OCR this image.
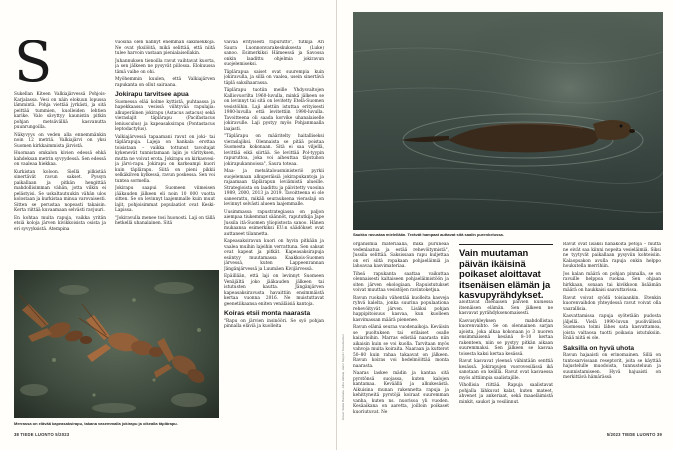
S

Sukellan Kiteen Valkiajärvessä Pohjois-Karjalassa. Vesi on näin elokuun lopussa lämmintä. Pohja viettää jyrkästi, ja sitä peittää tummien, kuolleiden lehtien karike. Valo sävyttyy kaunistin pitkin pohjan metsävälliä kasvanutta puunrungoilla.

Näkyvyys on veden alla ennemmänkin noin 12 metriä. Valkiajärvi on yksi Suomen kirkkaimmista järvistä.

Huomaan omkalon kivien edessä ehkä kahdeksan metrin syvyydessä. Sen edessä on vaaleaa hiekkaa.

Kurkistan koloon. Siellä pilkistää sinertävät ravun sakset. Pyssyn paikallaan ja pitkän hengittää mahdollisimman vähän, jotta vilkin ei pelästyisi. Se uskaltautuukin vähän ulos kolostaan ja kurkistaa minua varovaisesti. Sitten se perustaa nopeasti takaisin. Kerta riittää kuvaamaan selvästi ravjuuri.

En kohtaa muita rapuja, vaikka yritän etsiä koloja järven kivikkoisista osista ja eri syvyyksistä. Atempina

vuosina olen nähnyt enemmän sakiniekkoja. Ne ovat yksilöitä, mikä selittää, että niitä tulee harvoin vastaan pienialaisellakin.

Juhannuksen tienoilla ravut vaihtavat kuorta, ja sen jälkeen ne pysyvät piilossa. Elokuussa tämä vaihe on ohi.

Myöhemmin kuulen, että Valkiajärven rapukanta on ollut sairaana.

Jokirapu tarvitsee apua

Suomessa elää kolme kyttistä, puhtaassa ja hapekkaassa vesissä viihtyvää rapulajia: alkuperäinen jokirapu (Astacus astacus) sekä vieraslajit täplärapu (Pacifastacus leniusculus) ja kapeasaksirapu (Pontastacus leptodactylus).

Valkiajärvessä tapaamani ravut on joki- tai täplärapuja. Lajeja on hankala erottaa toisistaan – vaikka tottunut tavoitajat kykenevät tunnistamaan lajin jo värityksen, mutta ne voivat erota. Jokirapu on kirkasvesi- ja järvi-rapu. Jokirapu on karkeampi kuori kuin täplärapu. Siitä on pieni pikkii selkäkilven kylkessä, ravun poskessa. Sen voi tuntea sormella.

Jokirapu saapui Suomeen viimeisen jääkauden jälkeen eli noin 10 000 vuotta sitten. Se on levinnyt laajemmalle kuin muut lajit, pohjoisimmat populaatiot ovat Keski-Lapissa.

"Jokiravulla menee tosi huonosti. Laji on tällä hetkellä uhanalainen. Sitä

vaivaa erityisesti rapurutto", tutkija Ari Saura Luonnonvarakeskuksesta (Luke) sanoo. Esimerkiksi Hämeessä ja Savossa onkin laadittu ohjelmia jokiravun suojelemiseksi.

Täplärapua saiset ovat suurempia kuin jokiravulla, ja sillä on vaalea, usein sinertävä täplä saksihaarassa.

Täplärapu tuotiin meille Yhdysvaltojen Kalliovuorilta 1960-luvulla, minkä jälkeen se on levinnyt tai sitä on levitetty Etelä-Suomen vesistöihin. Laji alettiin istuttaa erityisesti 1980-luvulla että levitettiin 1990-luvulla. Tavoitteena oli saada korvike uhanalaiselle jokiravulle. Laji pystyy myös Pohjanmaalla laajasti.

"Täplärapu on määritelty haitalliseksi vieraslajiksi. Olennaista se pitää poistaa Suomesta kokonaan. Sitä ei saa viljellä, levittää eikä siirtää. Se levittää Pol-tyypin rapuruttoa, joka voi aiheuttaa täystuhon jokirapukannoissa", Saura toteaa.

Maa- ja metsätalousministeriö pyrkii suojelemaan alkuperäisiä jokirapukantoja ja rajaamaan täplärapun leviämistä alueille. Strategioista on laadittu ja päivitetty vuosina 1989, 2000, 2013 ja 2019. Tavoitteena ei ole saneerattu, mikäli seurauksena vieraslaji on levinnyt selvästi alueen laajemmalle.

Uusimmassa rapustrategiassa on paljon aiempaa tiukemmat säännöt, rapututkija Jape Jussila itä-Suomen yliopistosta sanoo. Hänen mukaansa esimerkiksi EU:n säädökset ovat auttaneet tilannetta.

Kapeasaksiravun kuori on hyvin pitkään ja vaalea muihin lajeihin verrattuna. Sen saksat ovat kapeat ja pitkät. Kapeasaksirapuja esiintyy muutamassa Kaakkois-Suomen järvessä, kuten Lappeenrannan Jängänjärvessä ja Luumäen Kivijärvessä.

Epäillään, että laji on levinnyt Suomeen Venäjältä joko jääkauden jälkeen tai istutusten kautta. Jängänjärven kapeasaksiravusta havaittiin ensimmäistä kertaa vuonna 2016. Ne muistuttavat geenetiikaansa eniten venäläisiä kantoja.

Koiras etsii monta naarasta

"Rapu on järvien insinööri. Se syö pohjan pinnalla eläviä ja kuolleita

Merrassa on elävää kapeasaksirapu, takana vasemmalla jokirapu ja oikealla täplärapu.
38 TIEDE LUONTO 5/2023
Saukko ravustaa mielellään. Terävät hampaat auttavat sitä saalin purenkelussa.
Kuvat: Seida Ruotsala, Juha Hietala, Henri Seppä / Kuvamansur

organismia materiaalia, mikä puruneaa vedenlaatua ja estää rehevöitymistä", Jussila selittää. Saksissaan rapu kuljettaa on eri siitä ropakaan pohjaeläimiä ja lahoavaa kasvimateriaa.

Tiheä rapukanta saattaa vaikuttaa olennaisesti kaltaiseen pohjaeläimistöön ja siten järven ekologiaan. Rapuistutukset voivat muuttaa vesistöjen ravintoketjua.

Ravun ruokailu vähentää kuolleita kasveja ryhvä kalelta, jonka suurina populaationa rehevöityvät järven. Lisäksi pohjan happipitoisuus kasvaa, kun kuolleen kasvimassan määrä pienenee.

Ravun elämä seuraa vuodenaikoja. Keväisin se puoltuksen tai erilaiset osalle kaiiarloihin. Marras edistää naarasta niin aikaisin kuin se voi kuolla. Tarvitaan myös vahvoja muita koiraita. Naaraan ja kutterot 50–80 kuin rahaa takaavat on jälkeen. Ravun koiras voi hedelmöittää monta naarasta.

Naaras laskee mädin ja kantaa sitä pyrstönsä suojassa, kuten kalojen kantamaa. Keväällä ja alkukesästä. Aikuisina munan rakennetta rapuja ja kehittyneitä pyrstöjä koiraat suuremman vanha, kuten ns. nuorisoa yli vuoden. Kesäaikana on aaretta, joilloin poikaset kuoriutuvat. Ne

Vain muutaman päivän ikäisinä poikaset aloittavat itsenäisen elämän ja kasvupyrähdykset.

aloittavat itsenäisen päivien kuluessa itsenäisen elämän. Sen jälkeen ne kasvavat pyrähdyksenomaisesti.

Kasvusykleyksen mahdollistaa kuorenvaihto. Se on olennainen sarjan ajoista, joka alkaa kokonaan jo 3 nuoren ensimmäisenä kesänä 8–10 kertaa rakenteen, niin se pystyy pitkän aikaan suuremmaksi. Sen jälkeen se kasvaa toisesta kaksi kertaa kesässä.

Ravut kasvavat yleensä vähintään senttiä kesässä. Jokirapujen vuorovesilässä ikä sanotaan on kelillä. Ravut ovat kasvaessa myös alttiimpia saalistajille.

Vihollisia riittää. Rapuja saalistavat pohjalla lähkuvat kalat, kuten mateet, ahvenet ja ankeriaat, sekä maaeläimistä minkit, saukot ja vesilinnut.

Ravut ovat lisäksi hanakoita petoja – mutta ne eivät saa kiinni nopeita vesieläimiä. Siksi ne tyytyvät paikallaan pysyviin kohteisiin. Kalaopsakon avulla rapuja onkin helppo houkutella merrihiin.

Jos kalan määrä on pohjan pinnalla, se on ravuille helppoa ruokaa. Sen ohjaan hirkkaan, sonaan tai kivikkoon lisäämän määrä on haukkaisi saavuttavissa.

Ravut voivat syödä toisiaankin. Etenkin kuorenvaihdon yhteydessä ravut voivat olla vaarallisia.

Kasvattamissa rapuja syötetään pudosta jäljellä. Vielä 1990-luvun puolivälissä Suomessa toimi lähes sata kasvattamoa, joista valtaosa tuotti poikasia istutuksiin. Enää niitä ei ole.

Saksilla on hyvä uhota

Ravun hajaaisti on erinomainen. Sillä on tuntosarvissaan reseptorit, joita se käyttää hajustelulle muodoista, tunnusteluun ja suunnistamiseen. Hyvä hajuaisti on merkittävä hämärässä

5/2023 TIEDE LUONTO 39
